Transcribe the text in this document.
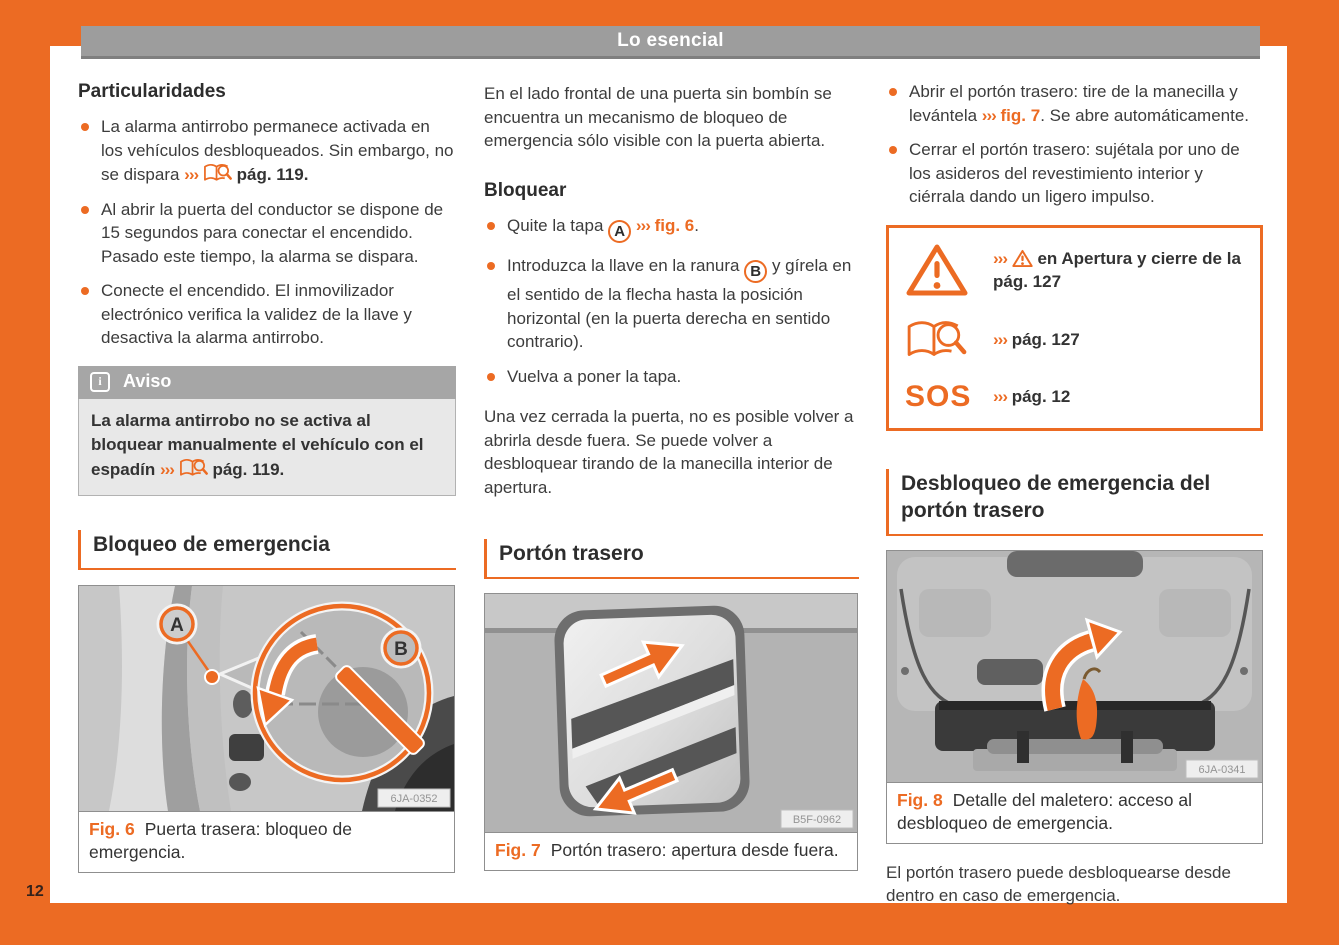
Lo esencial
12
Particularidades

La alarma antirrobo permanece activada en los vehículos desbloqueados. Sin embargo, no se dispara ››› pág. 119.

Al abrir la puerta del conductor se dispone de 15 segundos para conectar el encendido. Pasado este tiempo, la alarma se dispara.

Conecte el encendido. El inmovilizador electrónico verifica la validez de la llave y desactiva la alarma antirrobo.

i	Aviso
La alarma antirrobo no se activa al bloquear manualmente el vehículo con el espadín ››› pág. 119.
Bloqueo de emergencia
A
B
6JA-0352
Fig. 6 Puerta trasera: bloqueo de emergencia.

En el lado frontal de una puerta sin bombín se encuentra un mecanismo de bloqueo de emergencia sólo visible con la puerta abierta.

Bloquear

Quite la tapa A ››› fig. 6.

Introduzca la llave en la ranura B y gírela en el sentido de la flecha hasta la posición horizontal (en la puerta derecha en sentido contrario).

Vuelva a poner la tapa.

Una vez cerrada la puerta, no es posible volver a abrirla desde fuera. Se puede volver a desbloquear tirando de la manecilla interior de apertura.

Portón trasero
B5F-0962
Fig. 7 Portón trasero: apertura desde fuera.

Abrir el portón trasero: tire de la manecilla y levántela ››› fig. 7. Se abre automáticamente.

Cerrar el portón trasero: sujétala por uno de los asideros del revestimiento interior y ciérrala dando un ligero impulso.

››› en Apertura y cierre de la pág. 127
››› pág. 127
SOS ››› pág. 12
Desbloqueo de emergencia del portón trasero
6JA-0341
Fig. 8 Detalle del maletero: acceso al desbloqueo de emergencia.

El portón trasero puede desbloquearse desde dentro en caso de emergencia.
